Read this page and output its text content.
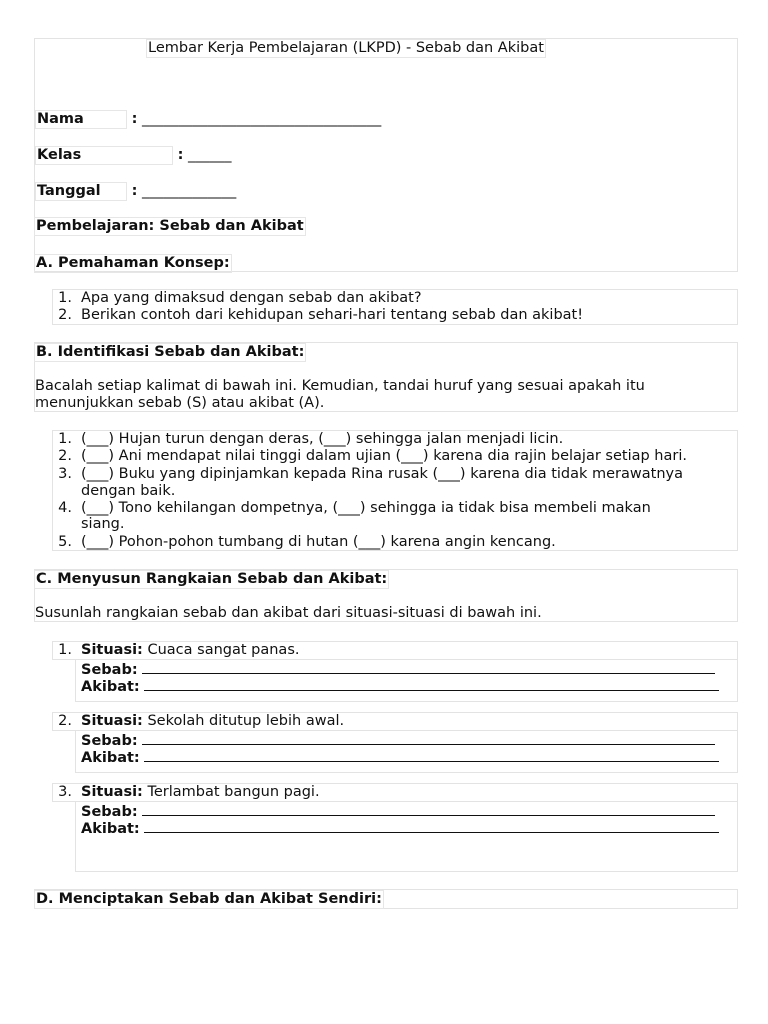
Lembar Kerja Pembelajaran (LKPD) - Sebab dan Akibat
Nama	: _________________________________
Kelas	: ______
Tanggal : _____________
Pembelajaran: Sebab dan Akibat
A. Pemahaman Konsep:
1. Apa yang dimaksud dengan sebab dan akibat?
2. Berikan contoh dari kehidupan sehari-hari tentang sebab dan akibat!
B. Identifikasi Sebab dan Akibat:
Bacalah setiap kalimat di bawah ini. Kemudian, tandai huruf yang sesuai apakah itu
menunjukkan sebab (S) atau akibat (A).
1. (___) Hujan turun dengan deras, (___) sehingga jalan menjadi licin.
2. (___) Ani mendapat nilai tinggi dalam ujian (___) karena dia rajin belajar setiap hari.
3. (___) Buku yang dipinjamkan kepada Rina rusak (___) karena dia tidak merawatnya
dengan baik.
4. (___) Tono kehilangan dompetnya, (___) sehingga ia tidak bisa membeli makan
siang.
5. (___) Pohon-pohon tumbang di hutan (___) karena angin kencang.
C. Menyusun Rangkaian Sebab dan Akibat:
Susunlah rangkaian sebab dan akibat dari situasi-situasi di bawah ini.
1. Situasi: Cuaca sangat panas.
Sebab:
Akibat:
2. Situasi: Sekolah ditutup lebih awal.
Sebab:
Akibat:
3. Situasi: Terlambat bangun pagi.
Sebab:
Akibat:
D. Menciptakan Sebab dan Akibat Sendiri:
